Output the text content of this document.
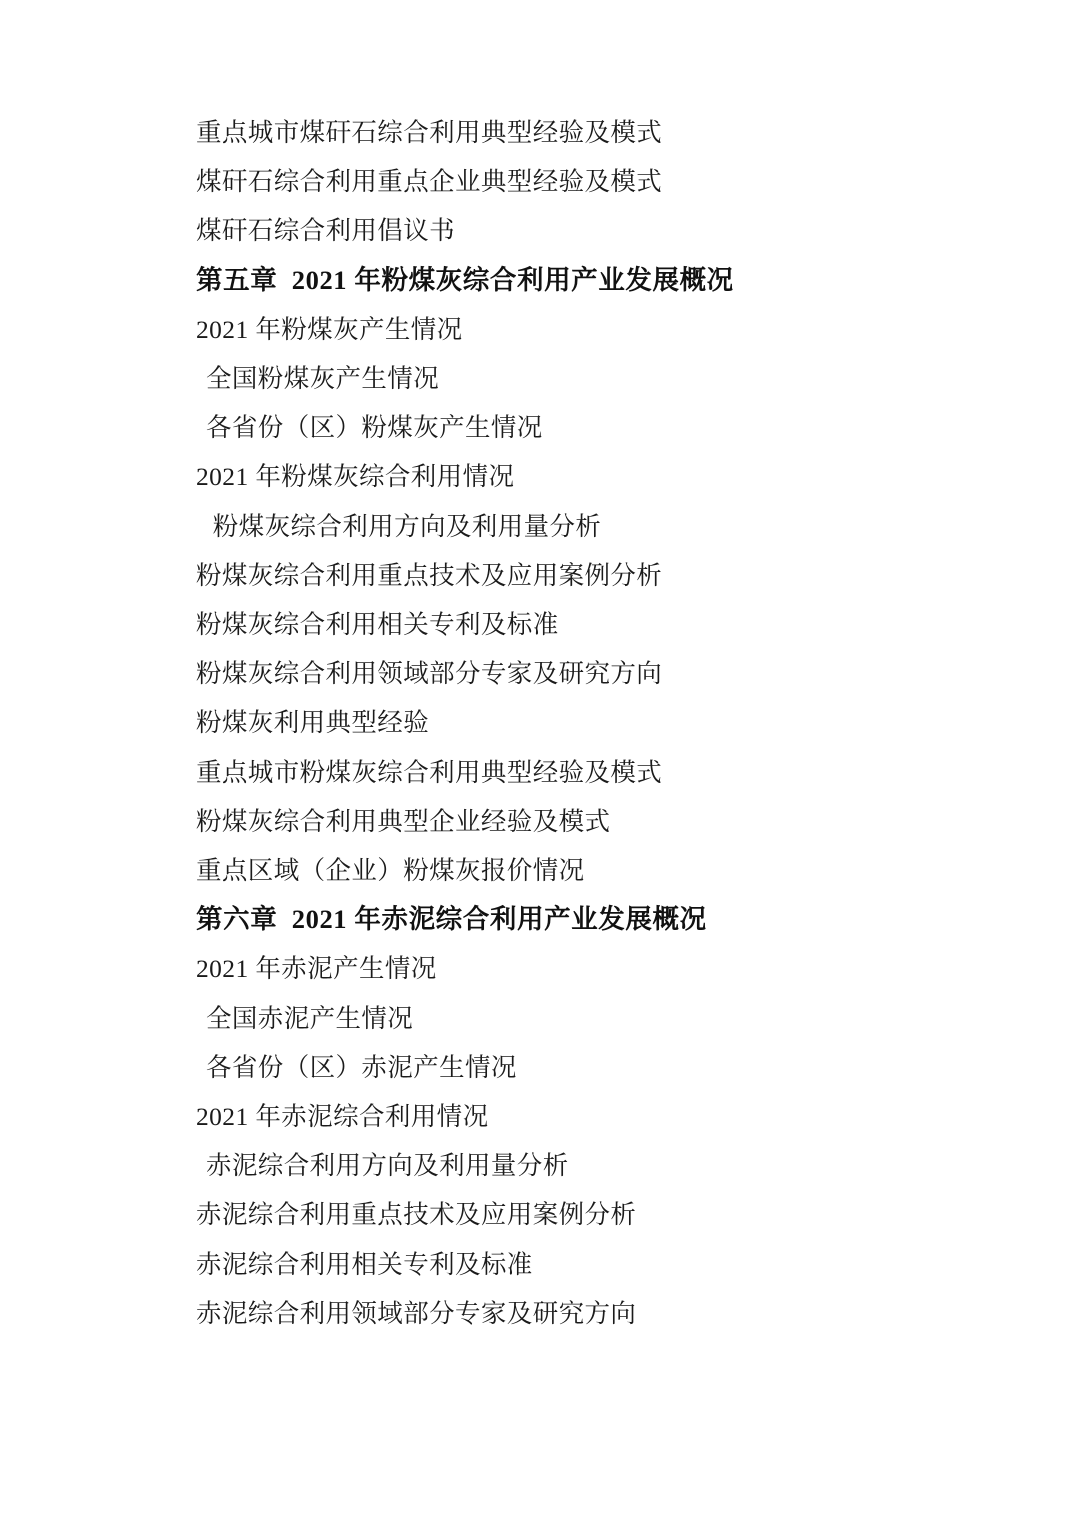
重点城市煤矸石综合利用典型经验及模式
煤矸石综合利用重点企业典型经验及模式
煤矸石综合利用倡议书
第五章  2021 年粉煤灰综合利用产业发展概况
2021 年粉煤灰产生情况
全国粉煤灰产生情况
各省份（区）粉煤灰产生情况
2021 年粉煤灰综合利用情况
粉煤灰综合利用方向及利用量分析
粉煤灰综合利用重点技术及应用案例分析
粉煤灰综合利用相关专利及标准
粉煤灰综合利用领域部分专家及研究方向
粉煤灰利用典型经验
重点城市粉煤灰综合利用典型经验及模式
粉煤灰综合利用典型企业经验及模式
重点区域（企业）粉煤灰报价情况
第六章  2021 年赤泥综合利用产业发展概况
2021 年赤泥产生情况
全国赤泥产生情况
各省份（区）赤泥产生情况
2021 年赤泥综合利用情况
赤泥综合利用方向及利用量分析
赤泥综合利用重点技术及应用案例分析
赤泥综合利用相关专利及标准
赤泥综合利用领域部分专家及研究方向
